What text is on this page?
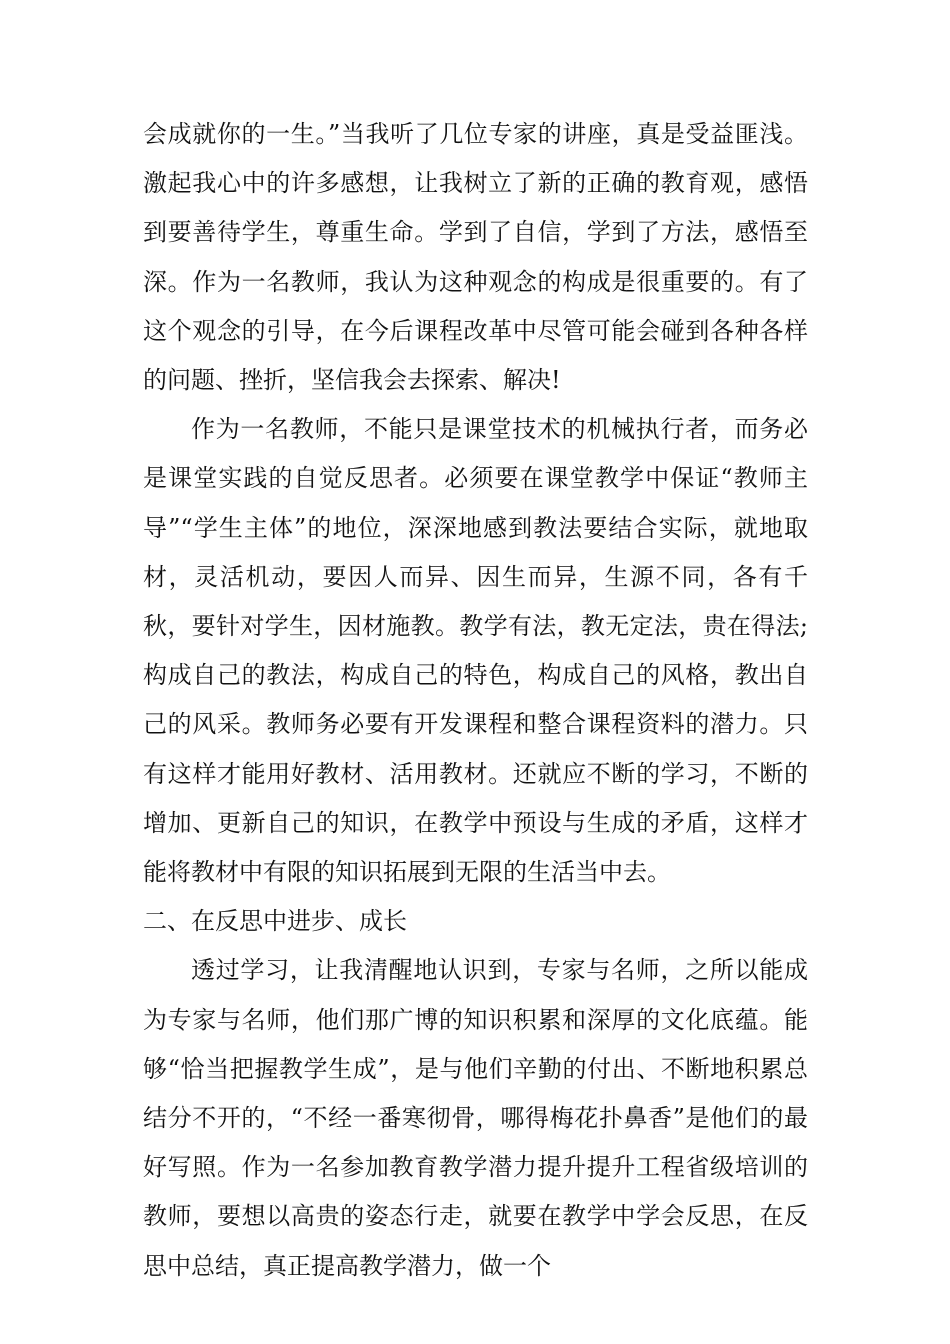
会成就你的一生。”当我听了几位专家的讲座，真是受益匪浅。激起我心中的许多感想，让我树立了新的正确的教育观，感悟到要善待学生，尊重生命。学到了自信，学到了方法，感悟至深。作为一名教师，我认为这种观念的构成是很重要的。有了这个观念的引导，在今后课程改革中尽管可能会碰到各种各样的问题、挫折，坚信我会去探索、解决!

作为一名教师，不能只是课堂技术的机械执行者，而务必是课堂实践的自觉反思者。必须要在课堂教学中保证“教师主导”“学生主体”的地位，深深地感到教法要结合实际，就地取材，灵活机动，要因人而异、因生而异，生源不同，各有千秋，要针对学生，因材施教。教学有法，教无定法，贵在得法;构成自己的教法，构成自己的特色，构成自己的风格，教出自己的风采。教师务必要有开发课程和整合课程资料的潜力。只有这样才能用好教材、活用教材。还就应不断的学习，不断的增加、更新自己的知识，在教学中预设与生成的矛盾，这样才能将教材中有限的知识拓展到无限的生活当中去。

二、在反思中进步、成长

透过学习，让我清醒地认识到，专家与名师，之所以能成为专家与名师，他们那广博的知识积累和深厚的文化底蕴。能够“恰当把握教学生成”，是与他们辛勤的付出、不断地积累总结分不开的，“不经一番寒彻骨，哪得梅花扑鼻香”是他们的最好写照。作为一名参加教育教学潜力提升提升工程省级培训的教师，要想以高贵的姿态行走，就要在教学中学会反思，在反思中总结，真正提高教学潜力，做一个
